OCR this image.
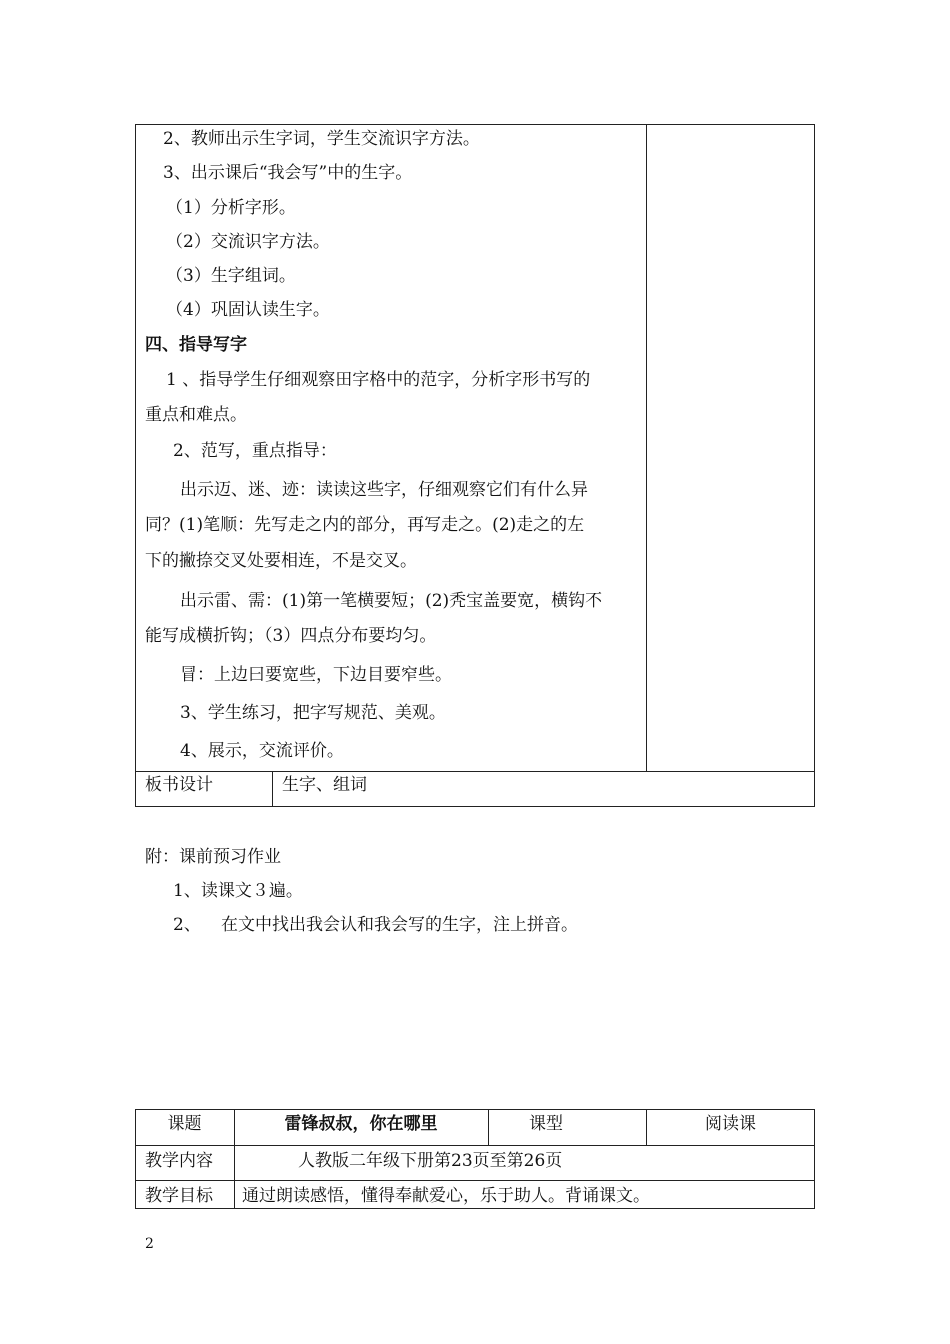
2、教师出示生字词，学生交流识字方法。
3、出示课后“我会写”中的生字。
（1）分析字形。
（2）交流识字方法。
（3）生字组词。
（4）巩固认读生字。
四、指导写字
1 、指导学生仔细观察田字格中的范字，分析字形书写的
重点和难点。
2、范写，重点指导：
出示迈、迷、迹：读读这些字，仔细观察它们有什么异
同？(1)笔顺：先写走之内的部分，再写走之。(2)走之的左
下的撇捺交叉处要相连，不是交叉。
出示雷、需：(1)第一笔横要短；(2)秃宝盖要宽，横钩不
能写成横折钩；（3）四点分布要均匀。
冒：上边曰要宽些，下边目要窄些。
3、学生练习，把字写规范、美观。
4、展示，交流评价。
板书设计	生字、组词
附：课前预习作业
1、读课文３遍。
2、 在文中找出我会认和我会写的生字，注上拼音。
课题	雷锋叔叔，你在哪里	课型	阅读课
教学内容	人教版二年级下册第23页至第26页
教学目标 通过朗读感悟，懂得奉献爱心，乐于助人。背诵课文。
2
